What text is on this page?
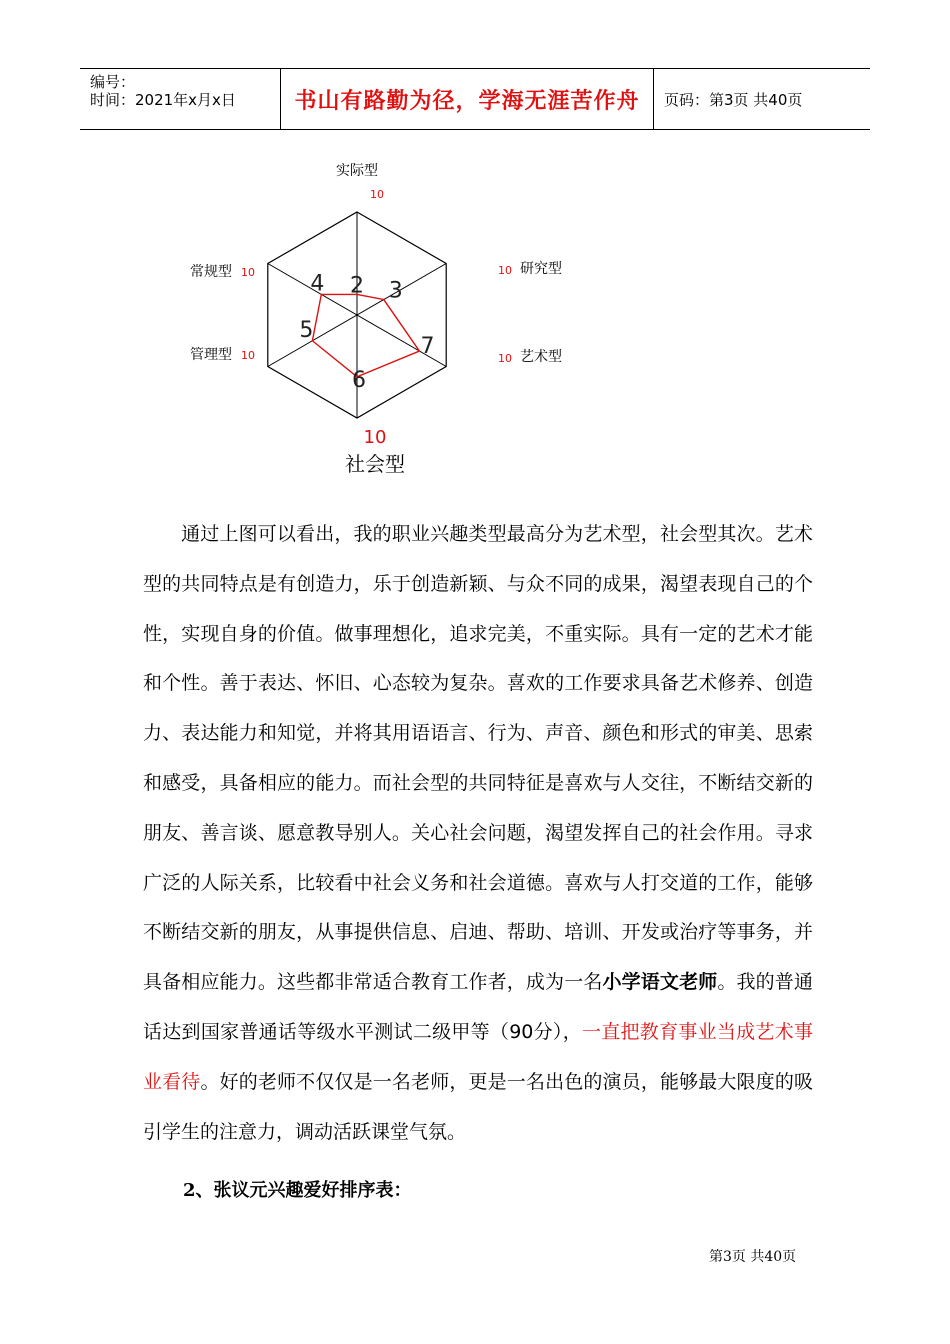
编号：
时间：2021年x月x日	书山有路勤为径，学海无涯苦作舟 页码：第3页 共40页
2 3
7
6
5
4
实际型
10
研究型
10
艺术型
10
社会型
10
管理型 10
常规型 10
通过上图可以看出，我的职业兴趣类型最高分为艺术型，社会型其次。艺术型的共同特点是有创造力，乐于创造新颖、与众不同的成果，渴望表现自己的个性，实现自身的价值。做事理想化，追求完美，不重实际。具有一定的艺术才能和个性。善于表达、怀旧、心态较为复杂。喜欢的工作要求具备艺术修养、创造力、表达能力和知觉，并将其用语语言、行为、声音、颜色和形式的审美、思索和感受，具备相应的能力。而社会型的共同特征是喜欢与人交往，不断结交新的朋友、善言谈、愿意教导别人。关心社会问题，渴望发挥自己的社会作用。寻求广泛的人际关系，比较看中社会义务和社会道德。喜欢与人打交道的工作，能够不断结交新的朋友，从事提供信息、启迪、帮助、培训、开发或治疗等事务，并具备相应能力。这些都非常适合教育工作者，成为一名小学语文老师。我的普通话达到国家普通话等级水平测试二级甲等（90分），一直把教育事业当成艺术事业看待。好的老师不仅仅是一名老师，更是一名出色的演员，能够最大限度的吸引学生的注意力，调动活跃课堂气氛。
2、张议元兴趣爱好排序表：
第3页 共40页
